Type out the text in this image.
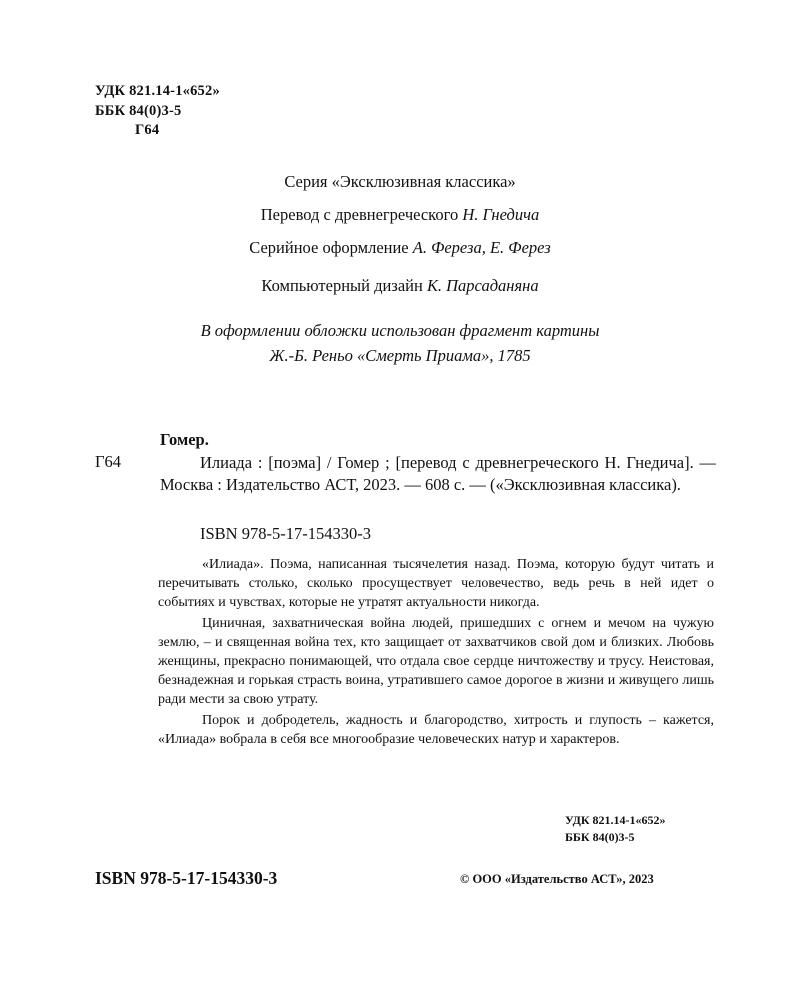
УДК 821.14-1«652»
ББК 84(0)3-5
Г64
Серия «Эксклюзивная классика»
Перевод с древнегреческого Н. Гнедича
Серийное оформление А. Фереза, Е. Ферез
Компьютерный дизайн К. Парсаданяна
В оформлении обложки использован фрагмент картины
Ж.-Б. Реньо «Смерть Приама», 1785
Гомер.
Г64	Илиада : [поэма] / Гомер ; [перевод с древнегреческого Н. Гнедича]. — Москва : Издательство АСТ, 2023. — 608 с. — («Эксклюзивная классика).
ISBN 978-5-17-154330-3

«Илиада». Поэма, написанная тысячелетия назад. Поэма, которую будут читать и перечитывать столько, сколько просуществует человечество, ведь речь в ней идет о событиях и чувствах, которые не утратят актуальности никогда.

Циничная, захватническая война людей, пришедших с огнем и мечом на чужую землю, – и священная война тех, кто защищает от захватчиков свой дом и близких. Любовь женщины, прекрасно понимающей, что отдала свое сердце ничтожеству и трусу. Неистовая, безнадежная и горькая страсть воина, утратившего самое дорогое в жизни и живущего лишь ради мести за свою утрату.

Порок и добродетель, жадность и благородство, хитрость и глупость – кажется, «Илиада» вобрала в себя все многообразие человеческих натур и характеров.

УДК 821.14-1«652»
ББК 84(0)3-5
ISBN 978-5-17-154330-3	© ООО «Издательство АСТ», 2023
